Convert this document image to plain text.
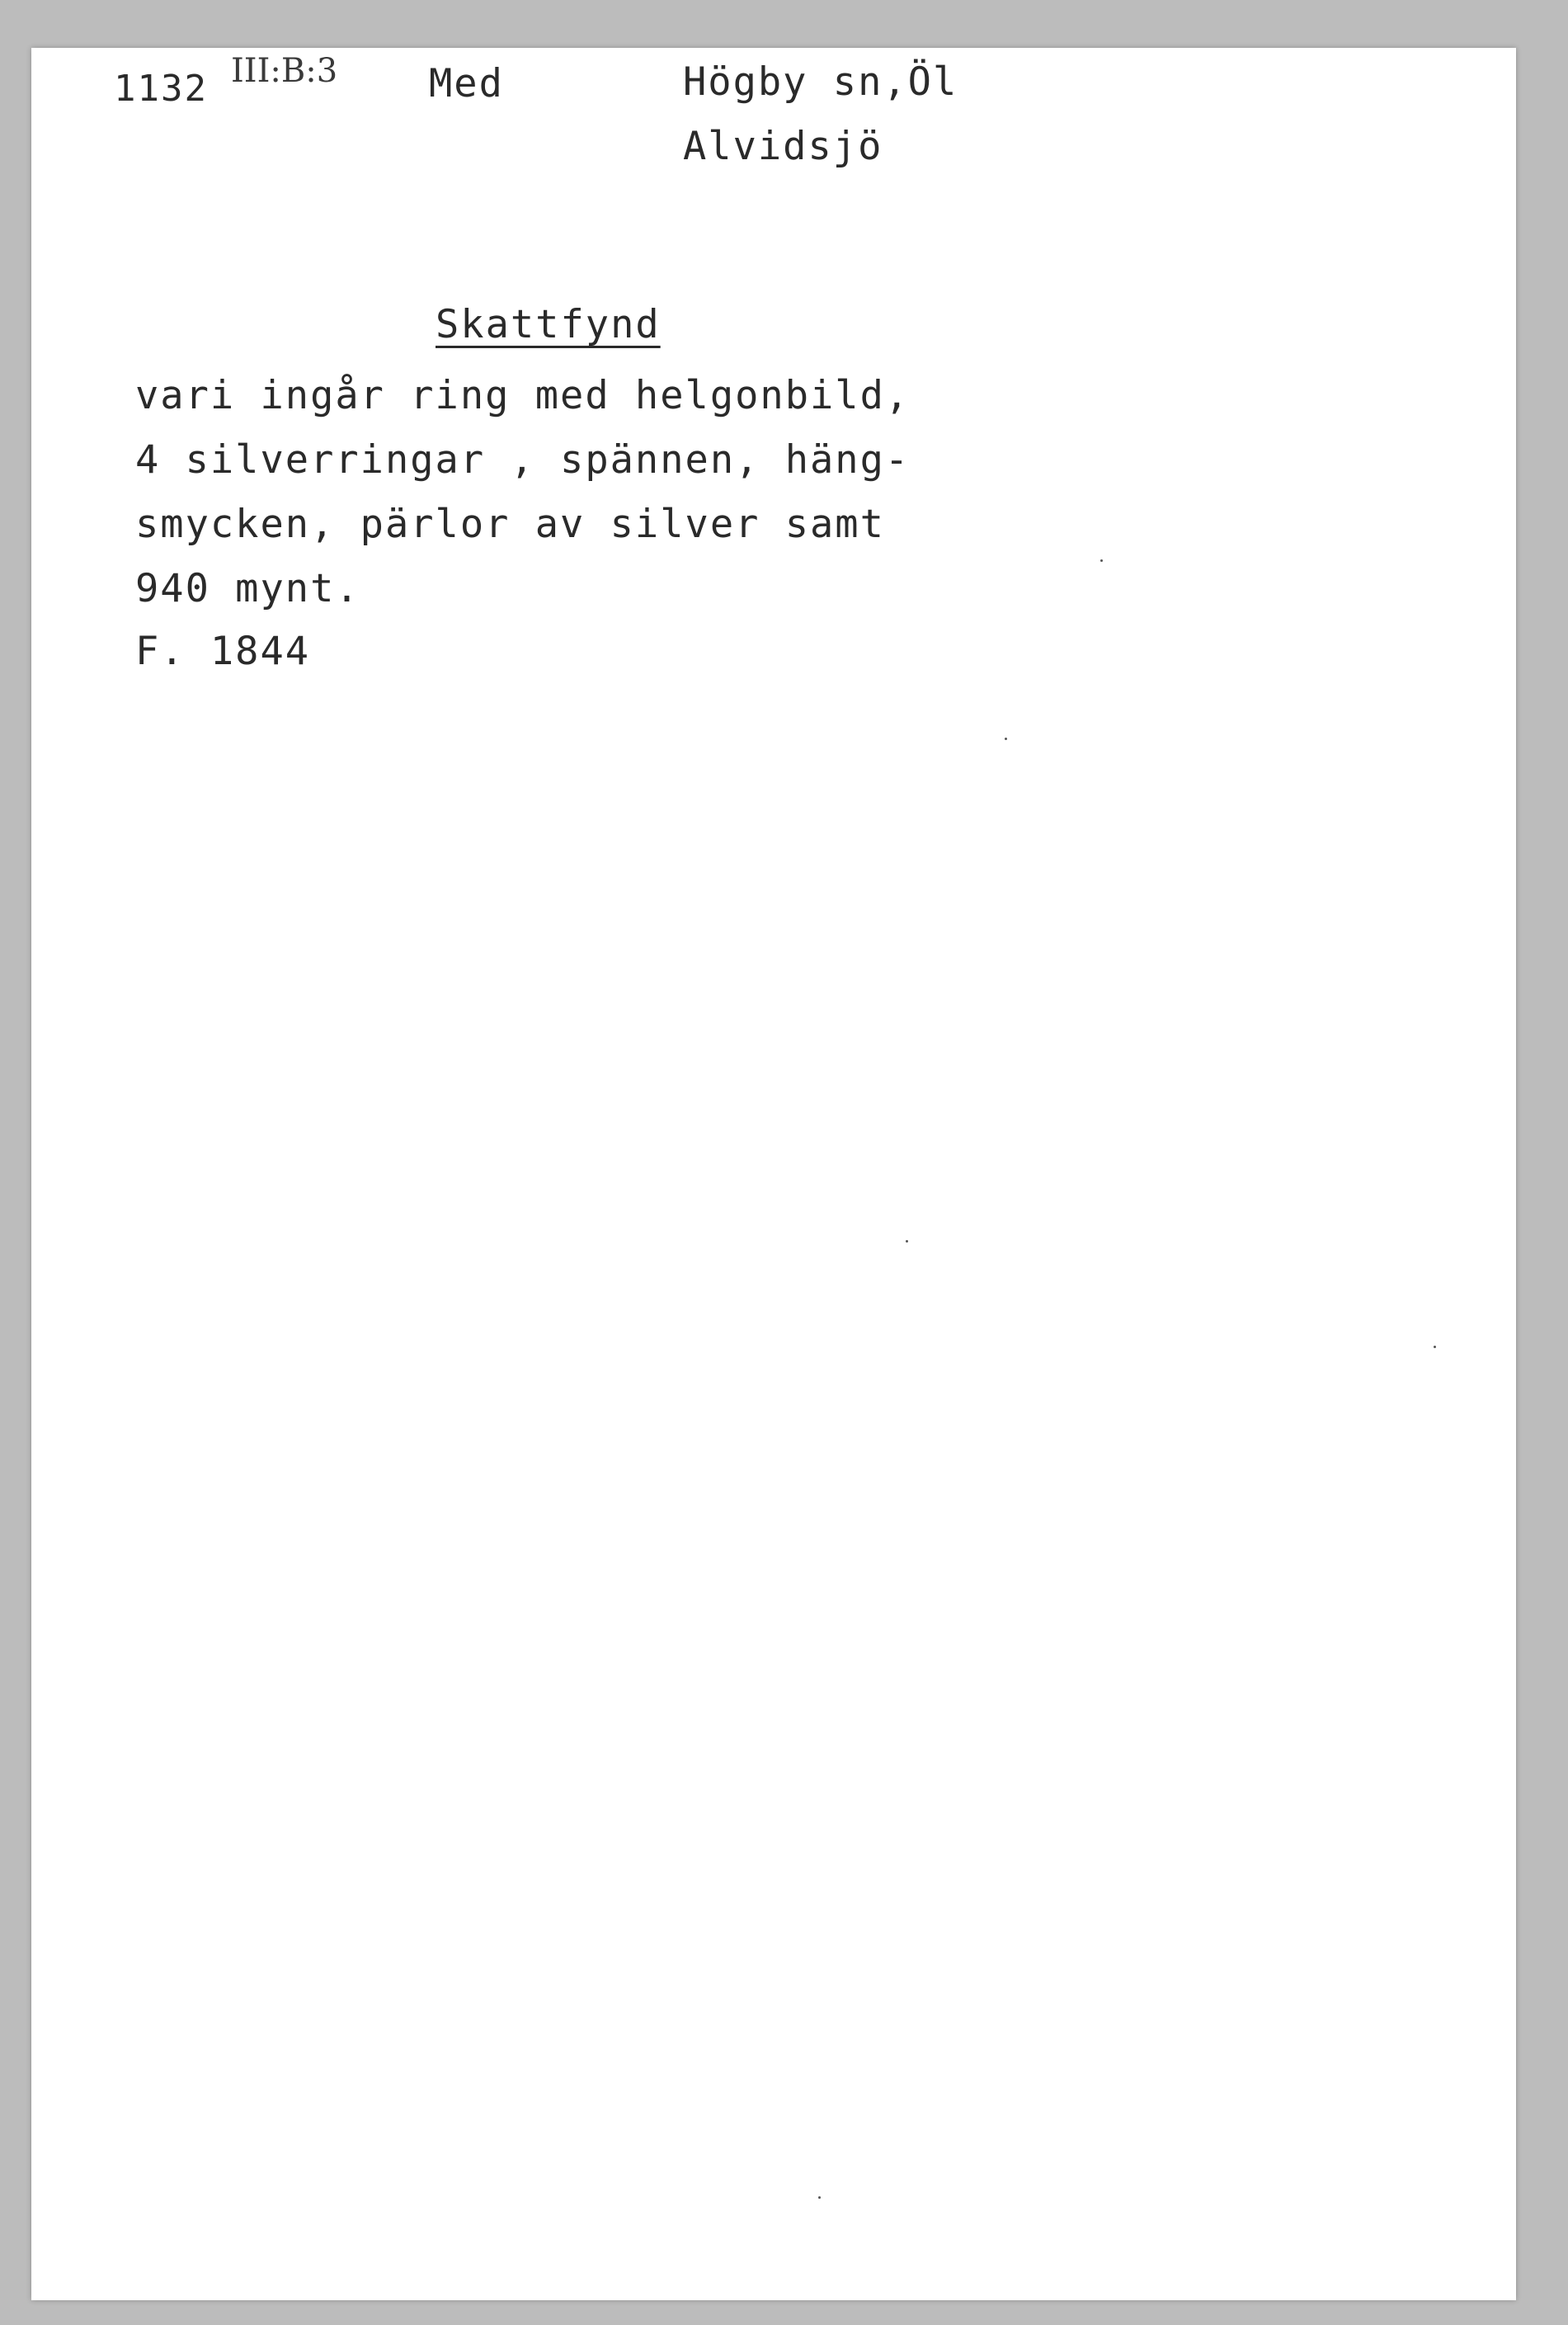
1132 III:B:3 Med	Högby sn,Öl
Alvidsjö
Skattfynd
vari ingår ring med helgonbild,
4 silverringar , spännen, häng-
smycken, pärlor av silver samt
940 mynt.
F. 1844
